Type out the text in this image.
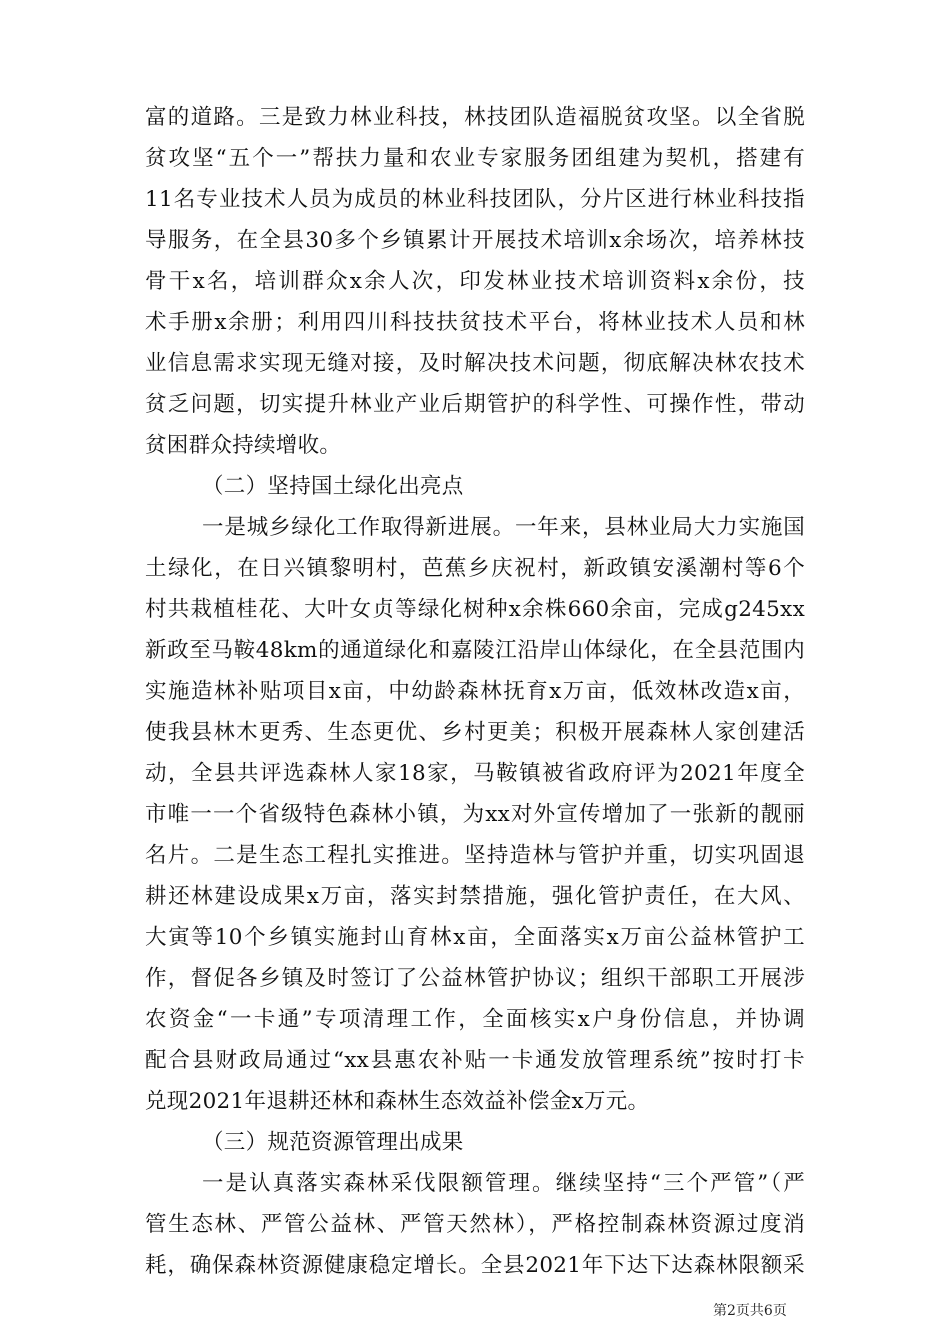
富的道路。三是致力林业科技，林技团队造福脱贫攻坚。以全省脱
贫攻坚“五个一”帮扶力量和农业专家服务团组建为契机，搭建有
11名专业技术人员为成员的林业科技团队，分片区进行林业科技指
导服务，在全县30多个乡镇累计开展技术培训x余场次，培养林技
骨干x名，培训群众x余人次，印发林业技术培训资料x余份，技
术手册x余册；利用四川科技扶贫技术平台，将林业技术人员和林
业信息需求实现无缝对接，及时解决技术问题，彻底解决林农技术
贫乏问题，切实提升林业产业后期管护的科学性、可操作性，带动
贫困群众持续增收。
（二）坚持国土绿化出亮点
一是城乡绿化工作取得新进展。一年来，县林业局大力实施国
土绿化，在日兴镇黎明村，芭蕉乡庆祝村，新政镇安溪潮村等6个
村共栽植桂花、大叶女贞等绿化树种x余株660余亩，完成g245xx
新政至马鞍48km的通道绿化和嘉陵江沿岸山体绿化，在全县范围内
实施造林补贴项目x亩，中幼龄森林抚育x万亩，低效林改造x亩，
使我县林木更秀、生态更优、乡村更美；积极开展森林人家创建活
动，全县共评选森林人家18家，马鞍镇被省政府评为2021年度全
市唯一一个省级特色森林小镇，为xx对外宣传增加了一张新的靓丽
名片。二是生态工程扎实推进。坚持造林与管护并重，切实巩固退
耕还林建设成果x万亩，落实封禁措施，强化管护责任，在大风、
大寅等10个乡镇实施封山育林x亩，全面落实x万亩公益林管护工
作，督促各乡镇及时签订了公益林管护协议；组织干部职工开展涉
农资金“一卡通”专项清理工作，全面核实x户身份信息，并协调
配合县财政局通过“xx县惠农补贴一卡通发放管理系统”按时打卡
兑现2021年退耕还林和森林生态效益补偿金x万元。
（三）规范资源管理出成果
一是认真落实森林采伐限额管理。继续坚持“三个严管”（严
管生态林、严管公益林、严管天然林），严格控制森林资源过度消
耗，确保森林资源健康稳定增长。全县2021年下达下达森林限额采
第2页共6页
